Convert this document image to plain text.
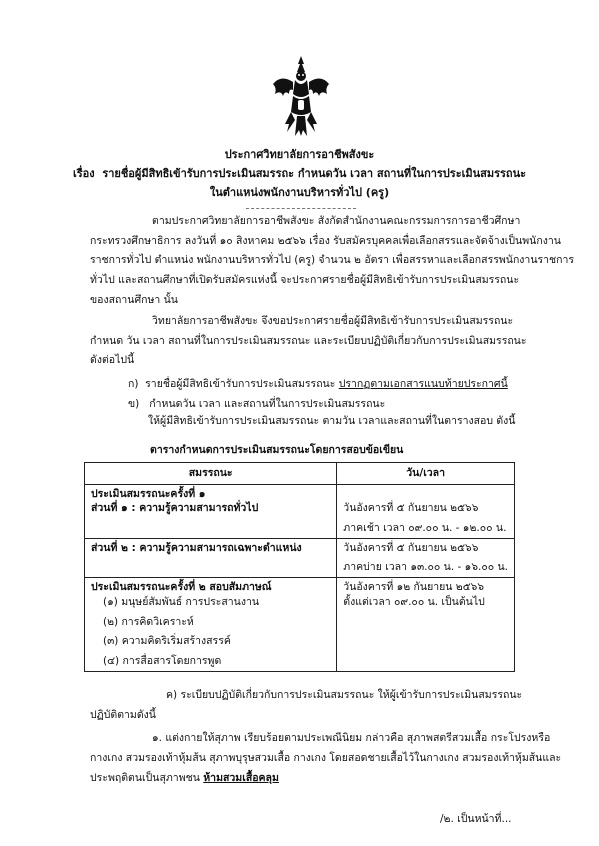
ประกาศวิทยาลัยการอาชีพสังขะ
เรื่อง รายชื่อผู้มีสิทธิเข้ารับการประเมินสมรรถะ กำหนดวัน เวลา สถานที่ในการประเมินสมรรถนะ
ในตำแหน่งพนักงานบริหารทั่วไป (ครู)
ตามประกาศวิทยาลัยการอาชีพสังขะ สังกัดสำนักงานคณะกรรมการการอาชีวศึกษา
กระทรวงศึกษาธิการ ลงวันที่ ๑๐ สิงหาคม ๒๕๖๖ เรื่อง รับสมัครบุคคลเพื่อเลือกสรรและจัดจ้างเป็นพนักงาน
ราชการทั่วไป ตำแหน่ง พนักงานบริหารทั่วไป (ครู) จำนวน ๒ อัตรา เพื่อสรรหาและเลือกสรรพนักงานราชการ
ทั่วไป และสถานศึกษาที่เปิดรับสมัครแห่งนี้ จะประกาศรายชื่อผู้มีสิทธิเข้ารับการประเมินสมรรถนะ
ของสถานศึกษา นั้น
วิทยาลัยการอาชีพสังขะ จึงขอประกาศรายชื่อผู้มีสิทธิเข้ารับการประเมินสมรรถนะ
กำหนด วัน เวลา สถานที่ในการประเมินสมรรถนะ และระเบียบปฏิบัติเกี่ยวกับการประเมินสมรรถนะ
ดังต่อไปนี้
ก) รายชื่อผู้มีสิทธิเข้ารับการประเมินสมรรถนะ ปรากฏตามเอกสารแนบท้ายประกาศนี้
ข) กำหนดวัน เวลา และสถานที่ในการประเมินสมรรถนะ
ให้ผู้มีสิทธิเข้ารับการประเมินสมรรถนะ ตามวัน เวลาและสถานที่ในตารางสอบ ดังนี้
ตารางกำหนดการประเมินสมรรถนะโดยการสอบข้อเขียน
สมรรถนะ	วัน/เวลา

ประเมินสมรรถนะครั้งที่ ๑
ส่วนที่ ๑ : ความรู้ความสามารถทั่วไป	วันอังคารที่ ๕ กันยายน ๒๕๖๖
ภาคเช้า เวลา ๐๙.๐๐ น. - ๑๒.๐๐ น.

ส่วนที่ ๒ : ความรู้ความสามารถเฉพาะตำแหน่ง	วันอังคารที่ ๕ กันยายน ๒๕๖๖
ภาคบ่าย เวลา ๑๓.๐๐ น. - ๑๖.๐๐ น.

ประเมินสมรรถนะครั้งที่ ๒ สอบสัมภาษณ์
(๑) มนุษย์สัมพันธ์ การประสานงาน
(๒) การคิดวิเคราะห์
(๓) ความคิดริเริ่มสร้างสรรค์
(๔) การสื่อสารโดยการพูด	วันอังคารที่ ๑๒ กันยายน ๒๕๖๖
ตั้งแต่เวลา ๐๙.๐๐ น. เป็นต้นไป
ค) ระเบียบปฏิบัติเกี่ยวกับการประเมินสมรรถนะ ให้ผู้เข้ารับการประเมินสมรรถนะ
ปฏิบัติตามดังนี้
๑. แต่งกายให้สุภาพ เรียบร้อยตามประเพณีนิยม กล่าวคือ สุภาพสตรีสวมเสื้อ กระโปรงหรือ
กางเกง สวมรองเท้าหุ้มส้น สุภาพบุรุษสวมเสื้อ กางเกง โดยสอดชายเสื้อไว้ในกางเกง สวมรองเท้าหุ้มส้นและ
ประพฤติตนเป็นสุภาพชน ห้ามสวมเสื้อคลุม
/๒. เป็นหน้าที่...
